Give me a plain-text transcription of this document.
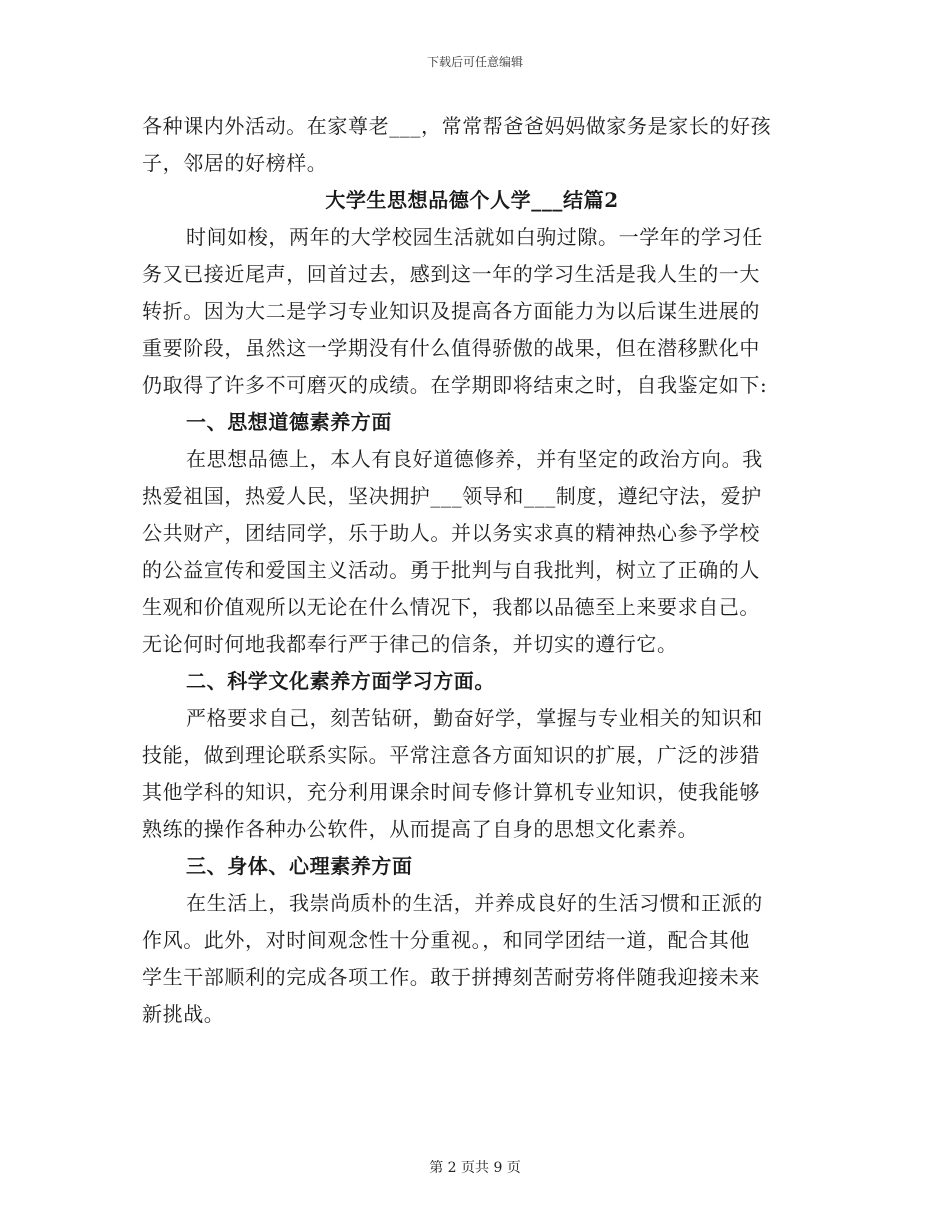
下载后可任意编辑
各种课内外活动。在家尊老___，常常帮爸爸妈妈做家务是家长的好孩
子，邻居的好榜样。
大学生思想品德个人学___结篇2
时间如梭，两年的大学校园生活就如白驹过隙。一学年的学习任
务又已接近尾声，回首过去，感到这一年的学习生活是我人生的一大
转折。因为大二是学习专业知识及提高各方面能力为以后谋生进展的
重要阶段，虽然这一学期没有什么值得骄傲的战果，但在潜移默化中
仍取得了许多不可磨灭的成绩。在学期即将结束之时，自我鉴定如下:
一、思想道德素养方面
在思想品德上，本人有良好道德修养，并有坚定的政治方向。我
热爱祖国，热爱人民，坚决拥护___领导和___制度，遵纪守法，爱护
公共财产，团结同学，乐于助人。并以务实求真的精神热心参予学校
的公益宣传和爱国主义活动。勇于批判与自我批判，树立了正确的人
生观和价值观所以无论在什么情况下，我都以品德至上来要求自己。
无论何时何地我都奉行严于律己的信条，并切实的遵行它。
二、科学文化素养方面学习方面。
严格要求自己，刻苦钻研，勤奋好学，掌握与专业相关的知识和
技能，做到理论联系实际。平常注意各方面知识的扩展，广泛的涉猎
其他学科的知识，充分利用课余时间专修计算机专业知识，使我能够
熟练的操作各种办公软件，从而提高了自身的思想文化素养。
三、身体、心理素养方面
在生活上，我崇尚质朴的生活，并养成良好的生活习惯和正派的
作风。此外，对时间观念性十分重视。，和同学团结一道，配合其他
学生干部顺利的完成各项工作。敢于拼搏刻苦耐劳将伴随我迎接未来
新挑战。
第 2 页共 9 页
